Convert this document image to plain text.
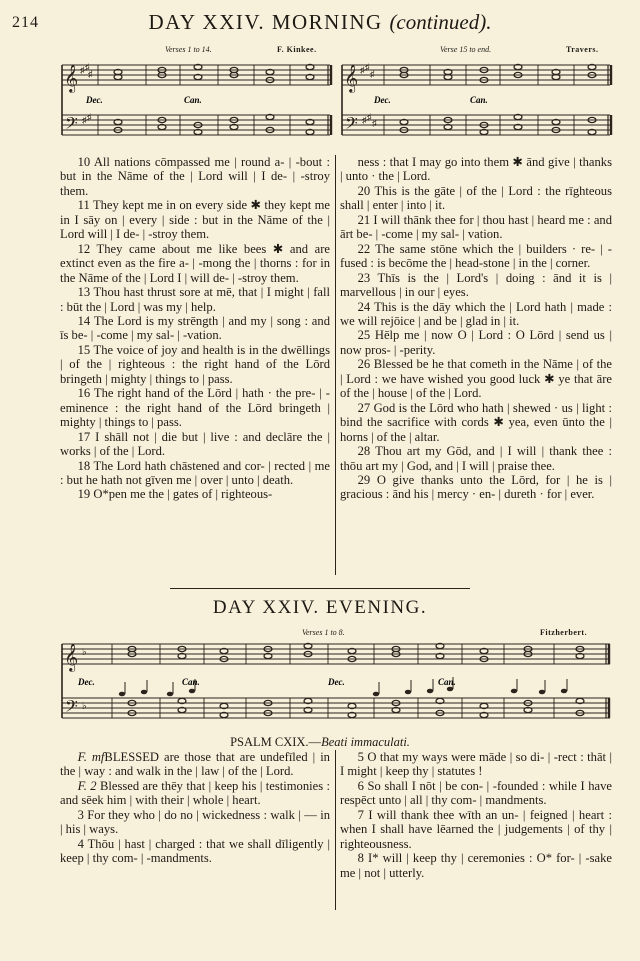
214	DAY XXIV. MORNING (continued).
Verses 1 to 14.	F. Kinkee.	Verse 15 to end.	Travers.
𝄞
𝄢
♯ ♯
♯
♯ ♯
Dec.	Can.
𝄞
𝄢
♯ ♯
♯
♯ ♯
♯
Dec.	Can.

10 All nations cōmpassed me | round a- | -bout : but in the Nāme of the | Lord will | I de- | -stroy them.

11 They kept me in on every side ✱ they kept me in I sāy on | every | side : but in the Nāme of the | Lord will | I de- | -stroy them.

12 They came about me like bees ✱ and are extinct even as the fire a- | -mong the | thorns : for in the Nāme of the | Lord I | will de- | -stroy them.

13 Thou hast thrust sore at mē, that | I might | fall : būt the | Lord | was my | help.

14 The Lord is my strēngth | and my | song : and īs be- | -come | my sal- | -vation.

15 The voice of joy and health is in the dwēllings | of the | righteous : the right hand of the Lōrd bringeth | mighty | things to | pass.

16 The right hand of the Lōrd | hath · the pre- | -eminence : the right hand of the Lōrd bringeth | mighty | things to | pass.

17 I shāll not | die but | live : and declāre the | works | of the | Lord.

18 The Lord hath chāstened and cor- | rected | me : but he hath not gīven me | over | unto | death.

19 O*pen me the | gates of | righteous-

ness : that I may go into them ✱ ānd give | thanks | unto · the | Lord.

20 This is the gāte | of the | Lord : the rīghteous shall | enter | into | it.

21 I will thānk thee for | thou hast | heard me : and ārt be- | -come | my sal- | vation.

22 The same stōne which the | builders · re- | -fused : is becōme the | head-stone | in the | corner.

23 Thīs is the | Lord's | doing : ānd it is | marvellous | in our | eyes.

24 This is the dāy which the | Lord hath | made : we will rejōice | and be | glad in | it.

25 Hēlp me | now O | Lord : O Lōrd | send us | now pros- | -perity.

26 Blessed be he that cometh in the Nāme | of the | Lord : we have wished you good luck ✱ ye that āre of the | house | of the | Lord.

27 God is the Lōrd who hath | shewed · us | light : bind the sacrifice with cords ✱ yea, even ūnto the | horns | of the | altar.

28 Thou art my Gōd, and | I will | thank thee : thōu art my | God, and | I will | praise thee.

29 O give thanks unto the Lōrd, for | he is | gracious : ānd his | mercy · en- | dureth · for | ever.

DAY XXIV. EVENING.
Verses 1 to 8.	Fitzherbert.
𝄞
𝄢
♭
♭
Dec.	Can.	Dec.	Can.
PSALM CXIX.—Beati immaculati.

F. mfBLESSED are those that are undefīled | in the | way : and walk in the | law | of the | Lord.

F. 2 Blessed are thēy that | keep his | testimonies : and sēek him | with their | whole | heart.

3 For they who | do no | wickedness : walk | — in | his | ways.

4 Thōu | hast | charged : that we shall dīligently | keep | thy com- | -mandments.

5 O that my ways were māde | so di- | -rect : thāt | I might | keep thy | statutes !

6 So shall I nōt | be con- | -founded : while I have respēct unto | all | thy com- | mandments.

7 I will thank thee wīth an un- | feigned | heart : when I shall have lēarned the | judgements | of thy | righteousness.

8 I* will | keep thy | ceremonies : O* for- | -sake me | not | utterly.
